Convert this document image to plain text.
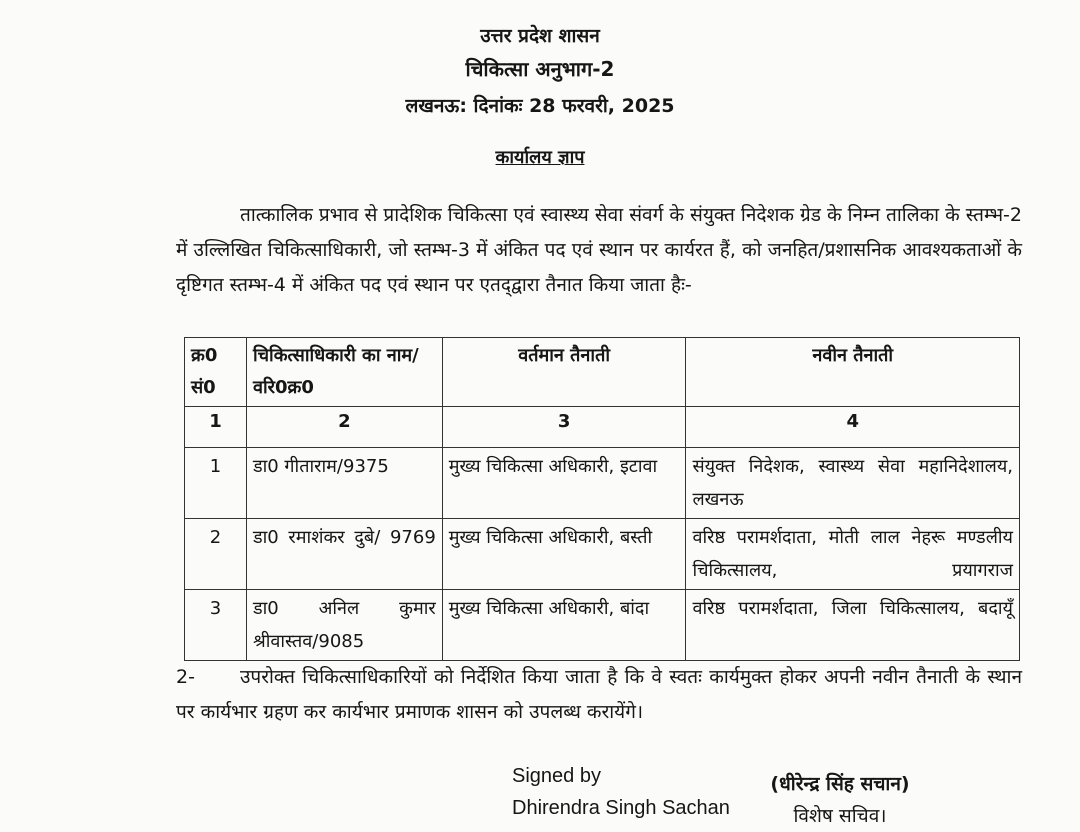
उत्तर प्रदेश शासन
चिकित्सा अनुभाग-2
लखनऊ: दिनांकः 28 फरवरी, 2025
कार्यालय ज्ञाप

तात्कालिक प्रभाव से प्रादेशिक चिकित्सा एवं स्वास्थ्य सेवा संवर्ग के संयुक्त निदेशक ग्रेड के निम्न तालिका के स्तम्भ-2 में उल्लिखित चिकित्साधिकारी, जो स्तम्भ-3 में अंकित पद एवं स्थान पर कार्यरत हैं, को जनहित/प्रशासनिक आवश्यकताओं के दृष्टिगत स्तम्भ-4 में अंकित पद एवं स्थान पर एतद्‌द्वारा तैनात किया जाता हैः-

क्र0 सं0	चिकित्साधिकारी का नाम/ वरि0क्र0	वर्तमान तैनाती	नवीन तैनाती
1	2	3	4
1	डा0 गीताराम/9375	मुख्य चिकित्सा अधिकारी, इटावा	संयुक्त निदेशक, स्वास्थ्य सेवा महानिदेशालय, लखनऊ
2	डा0 रमाशंकर दुबे/ 9769	मुख्य चिकित्सा अधिकारी, बस्ती	वरिष्ठ परामर्शदाता, मोती लाल नेहरू मण्डलीय चिकित्सालय, प्रयागराज
3	डा0 अनिल कुमार श्रीवास्तव/9085	मुख्य चिकित्सा अधिकारी, बांदा	वरिष्ठ परामर्शदाता, जिला चिकित्सालय, बदायूँ
2- उपरोक्त चिकित्साधिकारियों को निर्देशित किया जाता है कि वे स्वतः कार्यमुक्त होकर अपनी नवीन तैनाती के स्थान पर कार्यभार ग्रहण कर कार्यभार प्रमाणक शासन को उपलब्ध करायेंगे।
Signed by
Dhirendra Singh Sachan
(धीरेन्द्र सिंह सचान)
विशेष सचिव।
